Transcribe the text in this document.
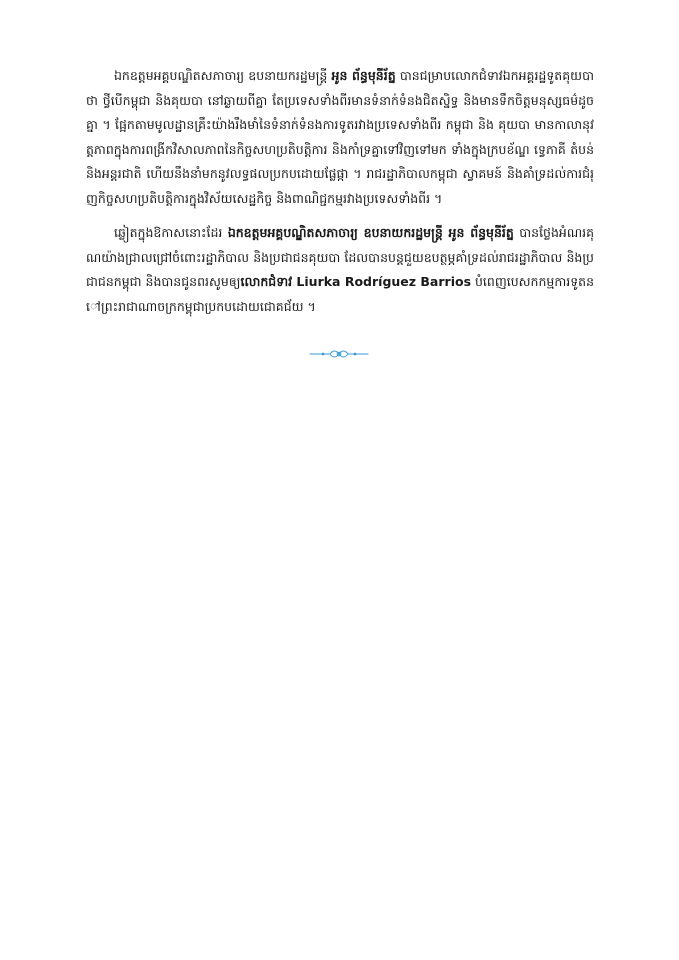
ឯកឧត្តមអគ្គបណ្ឌិតសភាចារ្យ ឧបនាយករដ្ឋមន្ត្រី អូន ព័ន្ធមុនីរ័ត្ន បានជម្រាបលោកជំទាវឯកអគ្គរដ្ឋទូតគុយបាថា ថ្វីបើកម្ពុជា និងគុយបា នៅឆ្ងាយពីគ្នា តែប្រទេសទាំងពីរមានទំនាក់ទំនងជិតស្និទ្ធ និងមានទឹកចិត្តមនុស្សធម៌ដូចគ្នា ។ ផ្អែកតាមមូលដ្ឋានគ្រឹះយ៉ាងរឹងមាំនៃទំនាក់ទំនងការទូតរវាងប្រទេសទាំងពីរ កម្ពុជា និង គុយបា មានកាលានុវត្តភាពក្នុងការពង្រីកវិសាលភាពនៃកិច្ចសហប្រតិបត្តិការ និងកាំទ្រគ្នាទៅវិញទៅមក ទាំងក្នុងក្របខ័ណ្ឌ ទ្វេភាគី តំបន់ និងអន្តរជាតិ ហើយនឹងនាំមកនូវលទ្ធផលប្រកបដោយផ្លែផ្កា ។ រាជរដ្ឋាភិបាលកម្ពុជា ស្វាគមន៍ និងគាំទ្រដល់ការជំរុញកិច្ចសហប្រតិបត្តិការក្នុងវិស័យសេដ្ឋកិច្ច និងពាណិជ្ជកម្មរវាងប្រទេសទាំងពីរ ។

ឆ្លៀតក្នុងឱកាសនោះដែរ ឯកឧត្តមអគ្គបណ្ឌិតសភាចារ្យ ឧបនាយករដ្ឋមន្ត្រី អូន ព័ន្ធមុនីរ័ត្ន បានថ្លែងអំណរគុណយ៉ាងជ្រាលជ្រៅចំពោះរដ្ឋាភិបាល និងប្រជាជនគុយបា ដែលបានបន្តជួយឧបត្ថម្ភគាំទ្រដល់រាជរដ្ឋាភិបាល និងប្រជាជនកម្ពុជា និងបានជូនពរសូមឲ្យលោកជំទាវ Liurka Rodríguez Barrios បំពេញបេសកកម្មការទូតនៅព្រះរាជាណាចក្រកម្ពុជាប្រកបដោយជោគជ័យ ។
